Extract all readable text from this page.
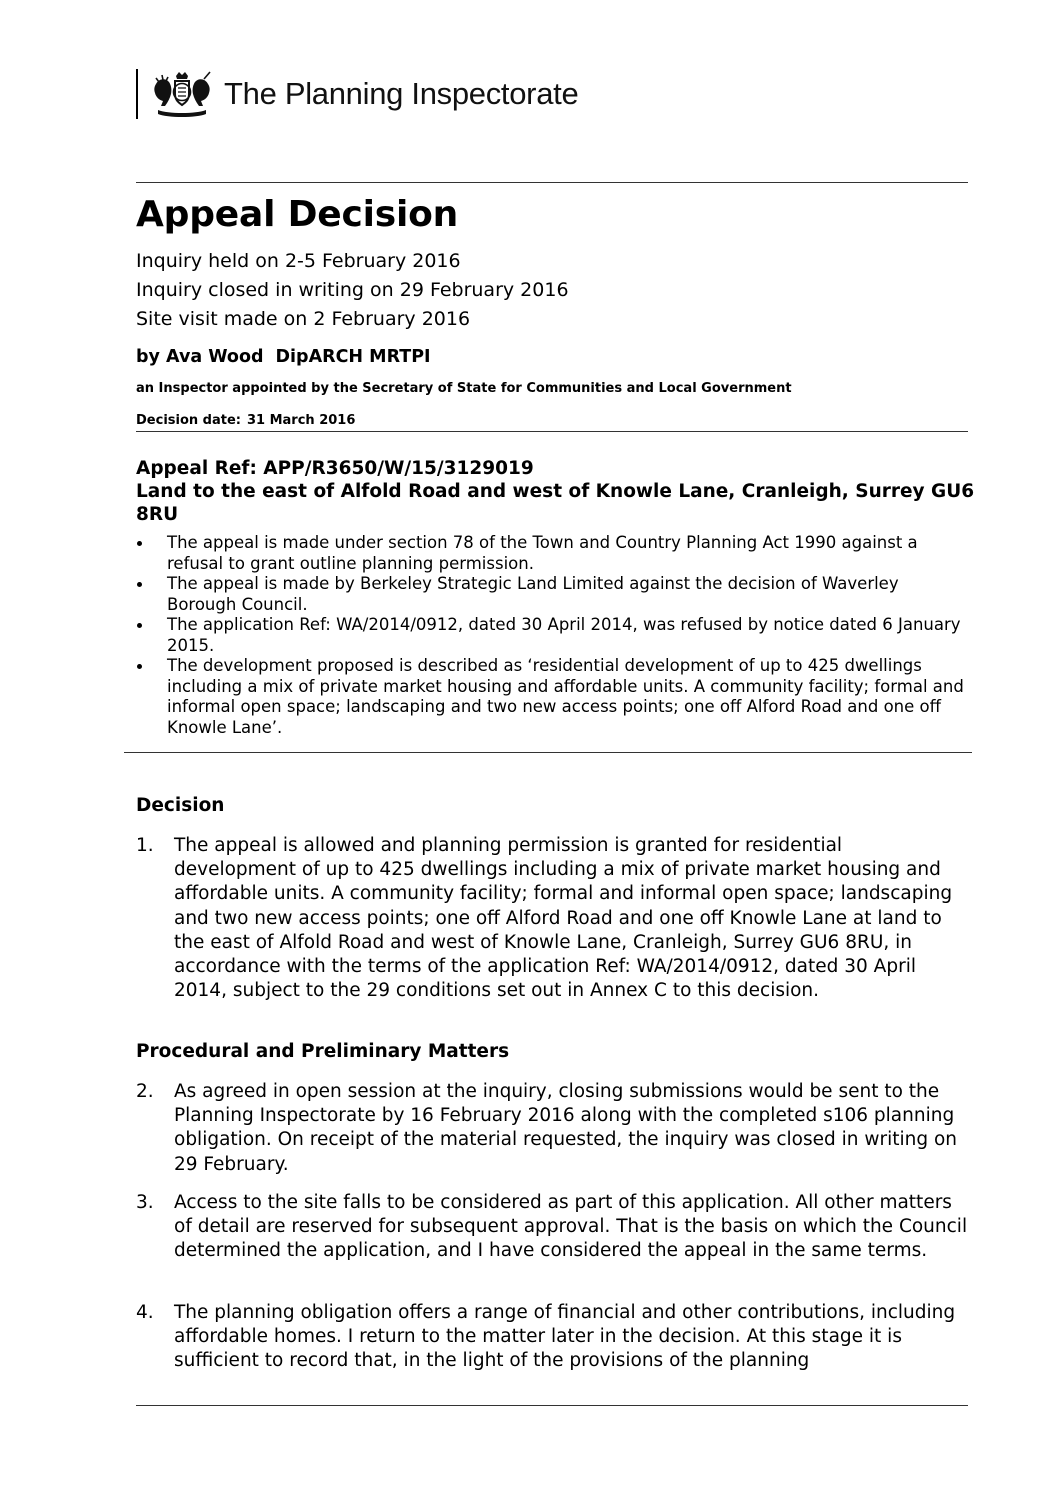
The Planning Inspectorate
Appeal Decision
Inquiry held on 2-5 February 2016
Inquiry closed in writing on 29 February 2016
Site visit made on 2 February 2016
by Ava Wood DipARCH MRTPI
an Inspector appointed by the Secretary of State for Communities and Local Government
Decision date: 31 March 2016
Appeal Ref: APP/R3650/W/15/3129019
Land to the east of Alfold Road and west of Knowle Lane, Cranleigh, Surrey GU6 8RU
The appeal is made under section 78 of the Town and Country Planning Act 1990 against a refusal to grant outline planning permission.
The appeal is made by Berkeley Strategic Land Limited against the decision of Waverley Borough Council.
The application Ref: WA/2014/0912, dated 30 April 2014, was refused by notice dated 6 January 2015.
The development proposed is described as ‘residential development of up to 425 dwellings including a mix of private market housing and affordable units. A community facility; formal and informal open space; landscaping and two new access points; one off Alford Road and one off Knowle Lane’.
Decision
1.	The appeal is allowed and planning permission is granted for residential development of up to 425 dwellings including a mix of private market housing and affordable units. A community facility; formal and informal open space; landscaping and two new access points; one off Alford Road and one off Knowle Lane at land to the east of Alfold Road and west of Knowle Lane, Cranleigh, Surrey GU6 8RU, in accordance with the terms of the application Ref: WA/2014/0912, dated 30 April 2014, subject to the 29 conditions set out in Annex C to this decision.
Procedural and Preliminary Matters
2.	As agreed in open session at the inquiry, closing submissions would be sent to the Planning Inspectorate by 16 February 2016 along with the completed s106 planning obligation. On receipt of the material requested, the inquiry was closed in writing on 29 February.
3.	Access to the site falls to be considered as part of this application. All other matters of detail are reserved for subsequent approval. That is the basis on which the Council determined the application, and I have considered the appeal in the same terms.
4.	The planning obligation offers a range of financial and other contributions, including affordable homes. I return to the matter later in the decision. At this stage it is sufficient to record that, in the light of the provisions of the planning
